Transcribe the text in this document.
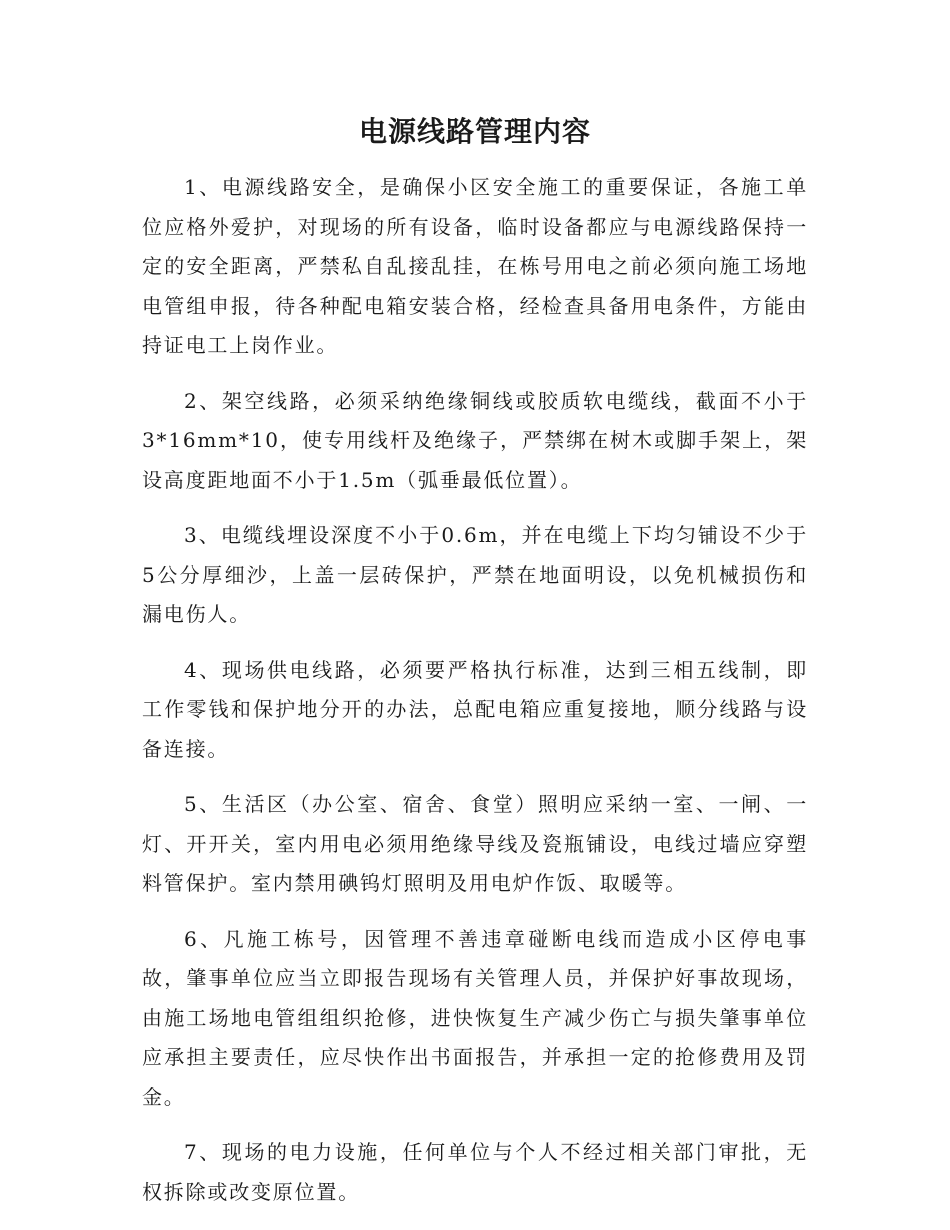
电源线路管理内容

1、电源线路安全，是确保小区安全施工的重要保证，各施工单位应格外爱护，对现场的所有设备，临时设备都应与电源线路保持一定的安全距离，严禁私自乱接乱挂，在栋号用电之前必须向施工场地电管组申报，待各种配电箱安装合格，经检查具备用电条件，方能由持证电工上岗作业。

2、架空线路，必须采纳绝缘铜线或胶质软电缆线，截面不小于3*16mm*10，使专用线杆及绝缘子，严禁绑在树木或脚手架上，架设高度距地面不小于1.5m（弧垂最低位置）。

3、电缆线埋设深度不小于0.6m，并在电缆上下均匀铺设不少于5公分厚细沙，上盖一层砖保护，严禁在地面明设，以免机械损伤和漏电伤人。

4、现场供电线路，必须要严格执行标准，达到三相五线制，即工作零钱和保护地分开的办法，总配电箱应重复接地，顺分线路与设备连接。

5、生活区（办公室、宿舍、食堂）照明应采纳一室、一闸、一灯、开开关，室内用电必须用绝缘导线及瓷瓶铺设，电线过墙应穿塑料管保护。室内禁用碘钨灯照明及用电炉作饭、取暖等。

6、凡施工栋号，因管理不善违章碰断电线而造成小区停电事故，肇事单位应当立即报告现场有关管理人员，并保护好事故现场，由施工场地电管组组织抢修，进快恢复生产减少伤亡与损失肇事单位应承担主要责任，应尽快作出书面报告，并承担一定的抢修费用及罚金。

7、现场的电力设施，任何单位与个人不经过相关部门审批，无权拆除或改变原位置。
